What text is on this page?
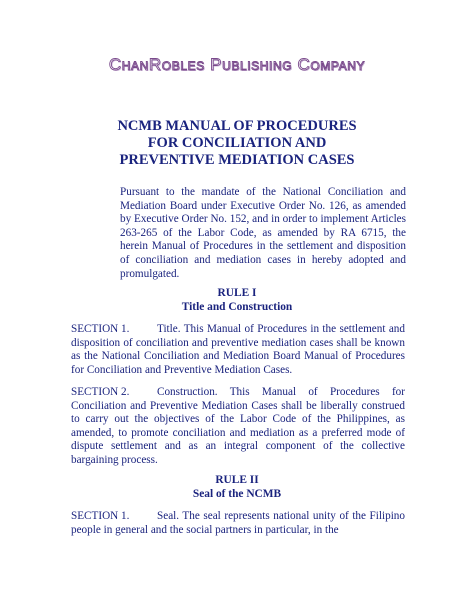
ChanRobles Publishing Company
NCMB MANUAL OF PROCEDURES
FOR CONCILIATION AND
PREVENTIVE MEDIATION CASES
Pursuant to the mandate of the National Conciliation and Mediation Board under Executive Order No. 126, as amended by Executive Order No. 152, and in order to implement Articles 263-265 of the Labor Code, as amended by RA 6715, the herein Manual of Procedures in the settlement and disposition of conciliation and mediation cases in hereby adopted and promulgated.
RULE I
Title and Construction
SECTION 1. Title. This Manual of Procedures in the settlement and disposition of conciliation and preventive mediation cases shall be known as the National Conciliation and Mediation Board Manual of Procedures for Conciliation and Preventive Mediation Cases.
SECTION 2. Construction. This Manual of Procedures for Conciliation and Preventive Mediation Cases shall be liberally construed to carry out the objectives of the Labor Code of the Philippines, as amended, to promote conciliation and mediation as a preferred mode of dispute settlement and as an integral component of the collective bargaining process.
RULE II
Seal of the NCMB
SECTION 1. Seal. The seal represents national unity of the Filipino people in general and the social partners in particular, in the
